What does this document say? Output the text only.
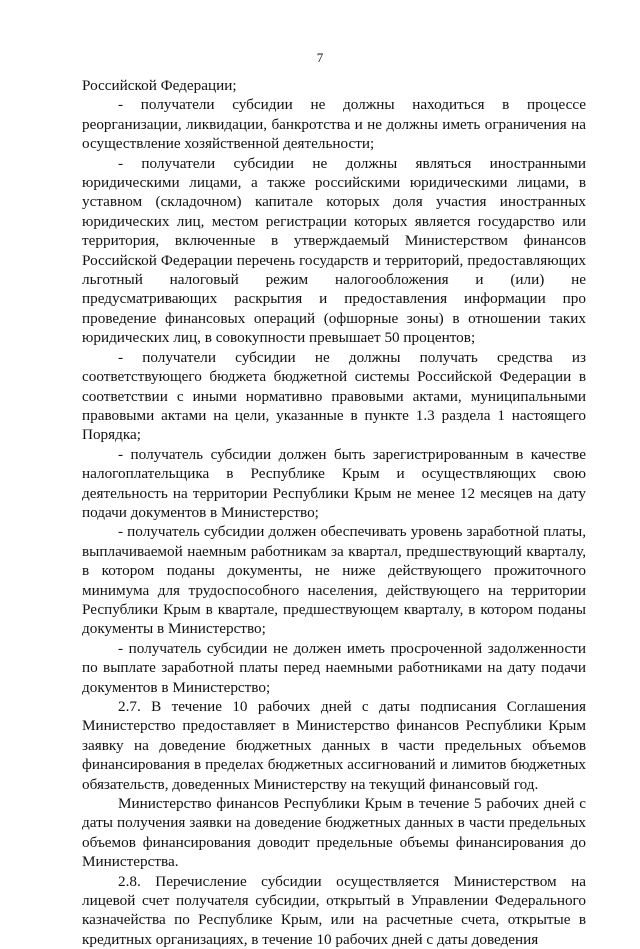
7

Российской Федерации;

- получатели субсидии не должны находиться в процессе реорганизации, ликвидации, банкротства и не должны иметь ограничения на осуществление хозяйственной деятельности;

- получатели субсидии не должны являться иностранными юридическими лицами, а также российскими юридическими лицами, в уставном (складочном) капитале которых доля участия иностранных юридических лиц, местом регистрации которых является государство или территория, включенные в утверждаемый Министерством финансов Российской Федерации перечень государств и территорий, предоставляющих льготный налоговый режим налогообложения и (или) не предусматривающих раскрытия и предоставления информации про проведение финансовых операций (офшорные зоны) в отношении таких юридических лиц, в совокупности превышает 50 процентов;

- получатели субсидии не должны получать средства из соответствующего бюджета бюджетной системы Российской Федерации в соответствии с иными нормативно правовыми актами, муниципальными правовыми актами на цели, указанные в пункте 1.3 раздела 1 настоящего Порядка;

- получатель субсидии должен быть зарегистрированным в качестве налогоплательщика в Республике Крым и осуществляющих свою деятельность на территории Республики Крым не менее 12 месяцев на дату подачи документов в Министерство;

- получатель субсидии должен обеспечивать уровень заработной платы, выплачиваемой наемным работникам за квартал, предшествующий кварталу, в котором поданы документы, не ниже действующего прожиточного минимума для трудоспособного населения, действующего на территории Республики Крым в квартале, предшествующем кварталу, в котором поданы документы в Министерство;

- получатель субсидии не должен иметь просроченной задолженности по выплате заработной платы перед наемными работниками на дату подачи документов в Министерство;

2.7. В течение 10 рабочих дней с даты подписания Соглашения Министерство предоставляет в Министерство финансов Республики Крым заявку на доведение бюджетных данных в части предельных объемов финансирования в пределах бюджетных ассигнований и лимитов бюджетных обязательств, доведенных Министерству на текущий финансовый год.

Министерство финансов Республики Крым в течение 5 рабочих дней с даты получения заявки на доведение бюджетных данных в части предельных объемов финансирования доводит предельные объемы финансирования до Министерства.

2.8. Перечисление субсидии осуществляется Министерством на лицевой счет получателя субсидии, открытый в Управлении Федерального казначейства по Республике Крым, или на расчетные счета, открытые в кредитных организациях, в течение 10 рабочих дней с даты доведения
